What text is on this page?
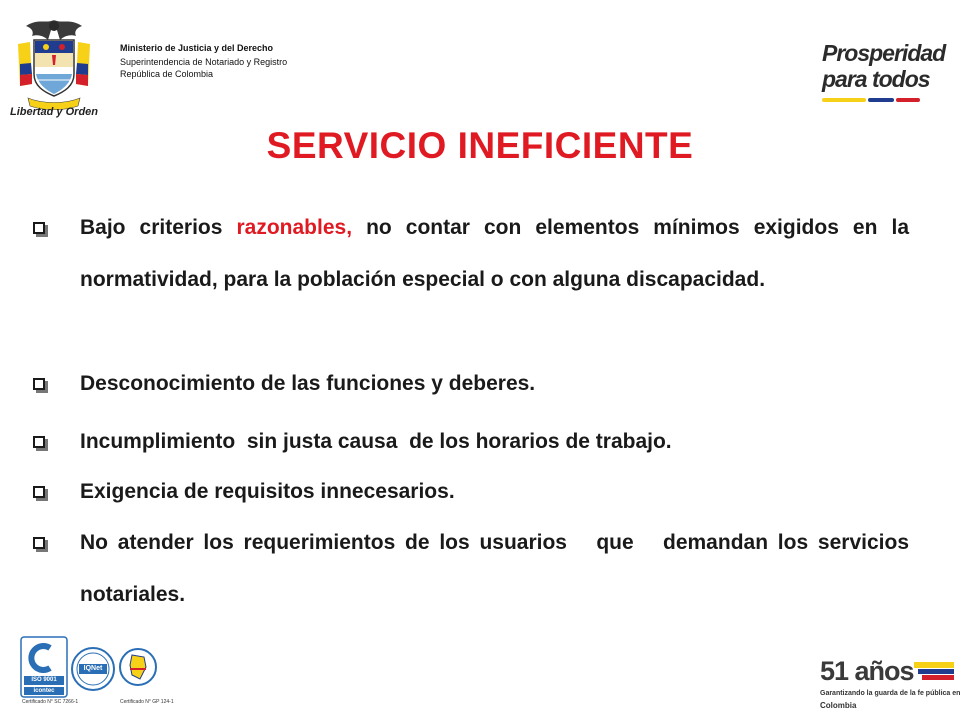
Libertad y Orden
Ministerio de Justicia y del Derecho
Superintendencia de Notariado y Registro
República de Colombia
Prosperidad
para todos
SERVICIO INEFICIENTE
Bajo criterios razonables, no contar con elementos mínimos exigidos en la normatividad, para la población especial o con alguna discapacidad.
Desconocimiento de las funciones y deberes.
Incumplimiento  sin justa causa  de los horarios de trabajo.
Exigencia de requisitos innecesarios.
No atender los requerimientos de los usuarios   que   demandan los servicios notariales.
ISO 9001
icontec
Certificado N° SC 7266-1
IQNet
Certificado N° GP 124-1
51 años
Garantizando la guarda de la fe pública en
Colombia
